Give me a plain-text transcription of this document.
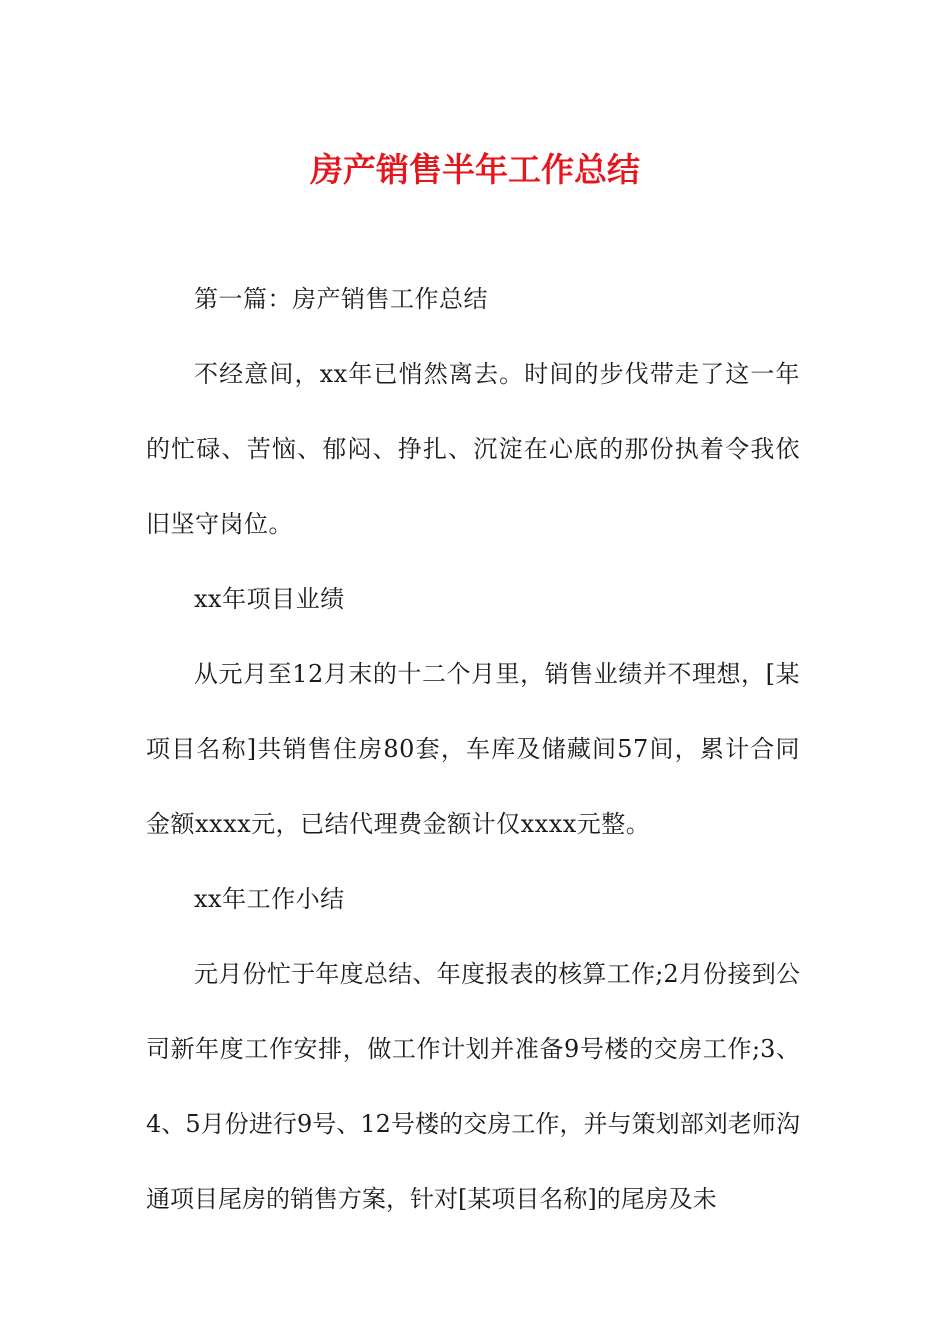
房产销售半年工作总结

第一篇：房产销售工作总结

不经意间，xx年已悄然离去。时间的步伐带走了这一年的忙碌、苦恼、郁闷、挣扎、沉淀在心底的那份执着令我依旧坚守岗位。

xx年项目业绩

从元月至12月末的十二个月里，销售业绩并不理想，[某项目名称]共销售住房80套，车库及储藏间57间，累计合同金额xxxx元，已结代理费金额计仅xxxx元整。

xx年工作小结

元月份忙于年度总结、年度报表的核算工作;2月份接到公司新年度工作安排，做工作计划并准备9号楼的交房工作;3、4、5月份进行9号、12号楼的交房工作，并与策划部刘老师沟通项目尾房的销售方案，针对[某项目名称]的尾房及未
